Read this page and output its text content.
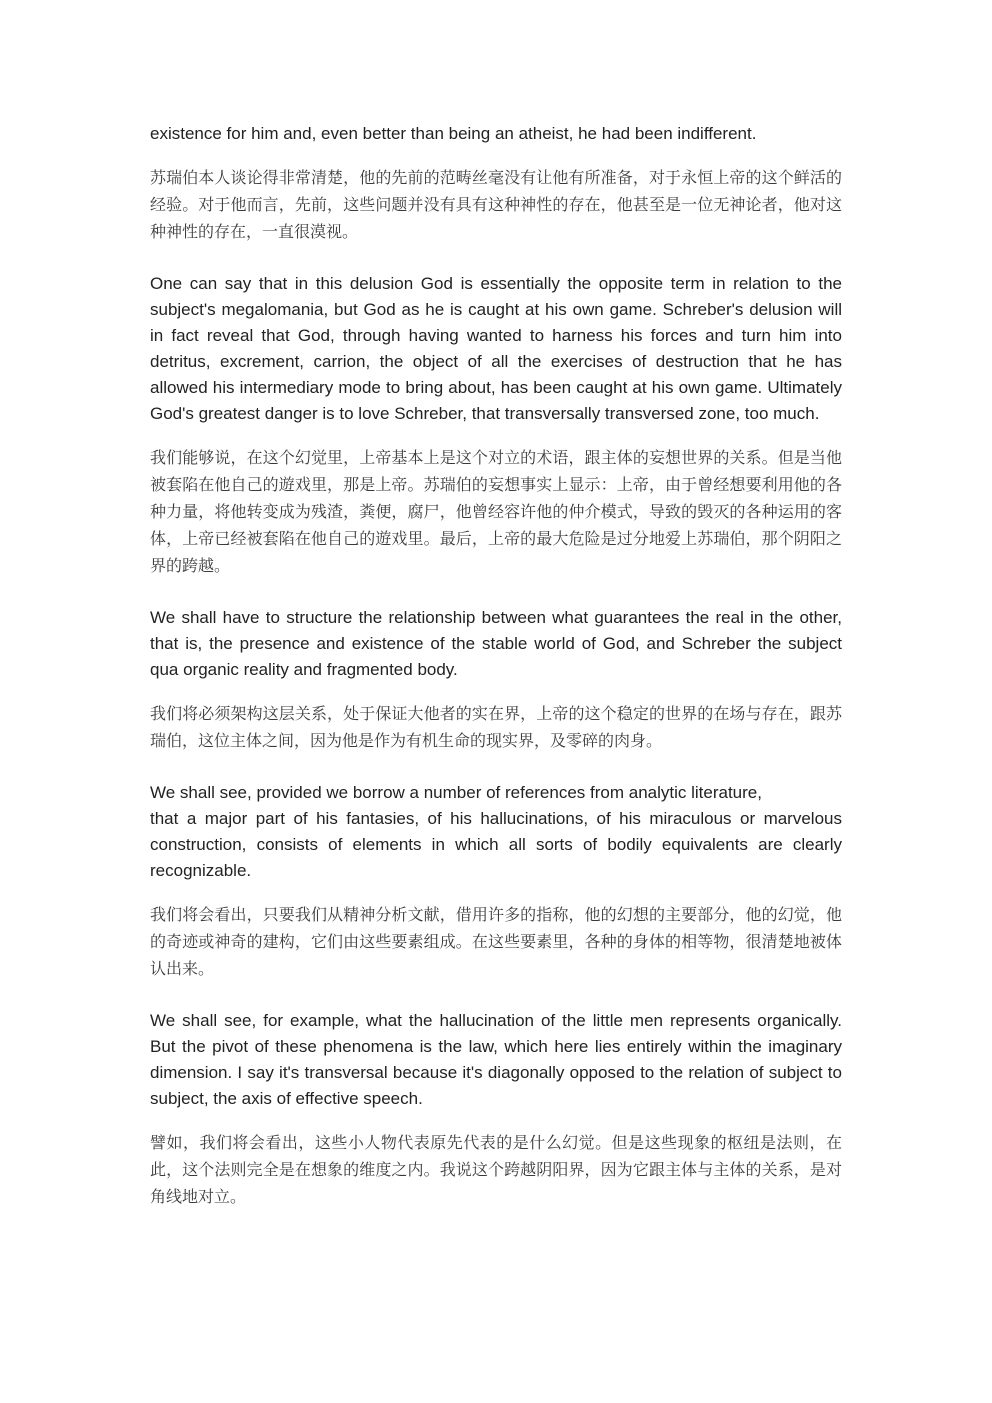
existence for him and, even better than being an atheist, he had been indifferent.

苏瑞伯本人谈论得非常清楚，他的先前的范畴丝毫没有让他有所准备，对于永恒上帝的这个鲜活的经验。对于他而言，先前，这些问题并没有具有这种神性的存在，他甚至是一位无神论者，他对这种神性的存在，一直很漠视。

One can say that in this delusion God is essentially the opposite term in relation to the subject's megalomania, but God as he is caught at his own game. Schreber's delusion will in fact reveal that God, through having wanted to harness his forces and turn him into detritus, excrement, carrion, the object of all the exercises of destruction that he has allowed his intermediary mode to bring about, has been caught at his own game. Ultimately God's greatest danger is to love Schreber, that transversally transversed zone, too much.

我们能够说，在这个幻觉里，上帝基本上是这个对立的术语，跟主体的妄想世界的关系。但是当他被套陷在他自己的遊戏里，那是上帝。苏瑞伯的妄想事实上显示：上帝，由于曾经想要利用他的各种力量，将他转变成为残渣，粪便，腐尸，他曾经容许他的仲介模式，导致的毁灭的各种运用的客体，上帝已经被套陷在他自己的遊戏里。最后，上帝的最大危险是过分地爱上苏瑞伯，那个阴阳之界的跨越。

We shall have to structure the relationship between what guarantees the real in the other, that is, the presence and existence of the stable world of God, and Schreber the subject qua organic reality and fragmented body.

我们将必须架构这层关系，处于保证大他者的实在界，上帝的这个稳定的世界的在场与存在，跟苏瑞伯，这位主体之间，因为他是作为有机生命的现实界，及零碎的肉身。

We shall see, provided we borrow a number of references from analytic literature,
that a major part of his fantasies, of his hallucinations, of his miraculous or marvelous construction, consists of elements in which all sorts of bodily equivalents are clearly recognizable.

我们将会看出，只要我们从精神分析文献，借用许多的指称，他的幻想的主要部分，他的幻觉，他的奇迹或神奇的建构，它们由这些要素组成。在这些要素里，各种的身体的相等物，很清楚地被体认出来。

We shall see, for example, what the hallucination of the little men represents organically. But the pivot of these phenomena is the law, which here lies entirely within the imaginary dimension. I say it's transversal because it's diagonally opposed to the relation of subject to subject, the axis of effective speech.

譬如，我们将会看出，这些小人物代表原先代表的是什么幻觉。但是这些现象的枢纽是法则，在此，这个法则完全是在想象的维度之内。我说这个跨越阴阳界，因为它跟主体与主体的关系，是对角线地对立。
